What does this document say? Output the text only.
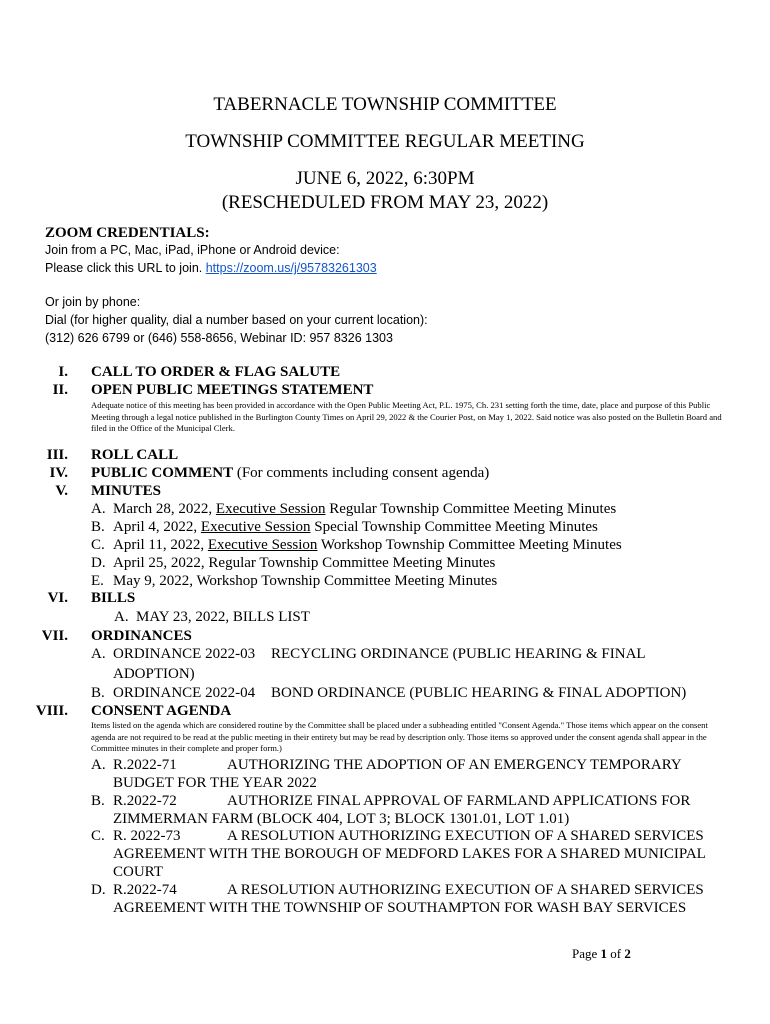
TABERNACLE TOWNSHIP COMMITTEE
TOWNSHIP COMMITTEE REGULAR MEETING
JUNE 6, 2022, 6:30PM
(RESCHEDULED FROM MAY 23, 2022)
ZOOM CREDENTIALS:
Join from a PC, Mac, iPad, iPhone or Android device:
Please click this URL to join. https://zoom.us/j/95783261303
Or join by phone:
Dial (for higher quality, dial a number based on your current location):
(312) 626 6799 or (646) 558-8656, Webinar ID: 957 8326 1303
I. CALL TO ORDER & FLAG SALUTE
II. OPEN PUBLIC MEETINGS STATEMENT
Adequate notice of this meeting has been provided in accordance with the Open Public Meeting Act, P.L. 1975, Ch. 231 setting forth the time, date, place and purpose of this Public Meeting through a legal notice published in the Burlington County Times on April 29, 2022 & the Courier Post, on May 1, 2022. Said notice was also posted on the Bulletin Board and filed in the Office of the Municipal Clerk.
III. ROLL CALL
IV. PUBLIC COMMENT (For comments including consent agenda)
V. MINUTES
A. March 28, 2022, Executive Session Regular Township Committee Meeting Minutes
B. April 4, 2022, Executive Session Special Township Committee Meeting Minutes
C. April 11, 2022, Executive Session Workshop Township Committee Meeting Minutes
D. April 25, 2022, Regular Township Committee Meeting Minutes
E. May 9, 2022, Workshop Township Committee Meeting Minutes
VI. BILLS
A. MAY 23, 2022, BILLS LIST
VII. ORDINANCES
A. ORDINANCE 2022-03 RECYCLING ORDINANCE (PUBLIC HEARING & FINAL
ADOPTION)
B. ORDINANCE 2022-04 BOND ORDINANCE (PUBLIC HEARING & FINAL ADOPTION)
VIII. CONSENT AGENDA
Items listed on the agenda which are considered routine by the Committee shall be placed under a subheading entitled "Consent Agenda." Those items which appear on the consent agenda are not required to be read at the public meeting in their entirety but may be read by description only. Those items so approved under the consent agenda shall appear in the Committee minutes in their complete and proper form.)
A. R.2022-71	AUTHORIZING THE ADOPTION OF AN EMERGENCY TEMPORARY
BUDGET FOR THE YEAR 2022
B. R.2022-72	AUTHORIZE FINAL APPROVAL OF FARMLAND APPLICATIONS FOR
ZIMMERMAN FARM (BLOCK 404, LOT 3; BLOCK 1301.01, LOT 1.01)
C. R. 2022-73	A RESOLUTION AUTHORIZING EXECUTION OF A SHARED SERVICES
AGREEMENT WITH THE BOROUGH OF MEDFORD LAKES FOR A SHARED MUNICIPAL
COURT
D. R.2022-74	A RESOLUTION AUTHORIZING EXECUTION OF A SHARED SERVICES
AGREEMENT WITH THE TOWNSHIP OF SOUTHAMPTON FOR WASH BAY SERVICES
Page 1 of 2
